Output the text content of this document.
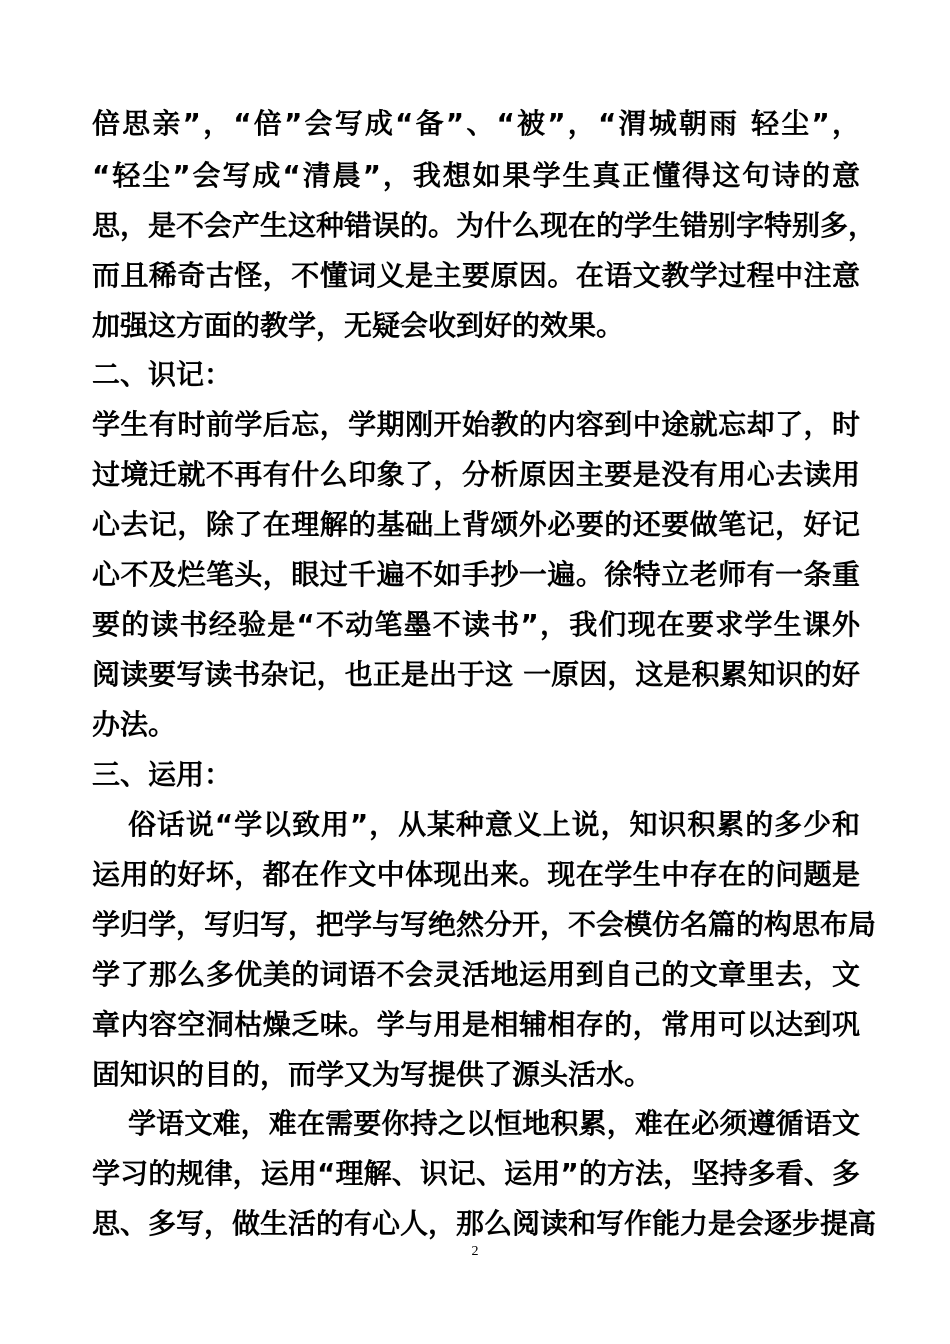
倍思亲”，“倍”会写成“备”、“被”，“渭城朝雨 轻尘”，
“轻尘”会写成“清晨”，我想如果学生真正懂得这句诗的意
思，是不会产生这种错误的。为什么现在的学生错别字特别多，
而且稀奇古怪，不懂词义是主要原因。在语文教学过程中注意
加强这方面的教学，无疑会收到好的效果。
二、识记：
学生有时前学后忘，学期刚开始教的内容到中途就忘却了，时
过境迁就不再有什么印象了，分析原因主要是没有用心去读用
心去记，除了在理解的基础上背颂外必要的还要做笔记，好记
心不及烂笔头，眼过千遍不如手抄一遍。徐特立老师有一条重
要的读书经验是“不动笔墨不读书”，我们现在要求学生课外
阅读要写读书杂记，也正是出于这 一原因，这是积累知识的好
办法。
三、运用：
俗话说“学以致用”，从某种意义上说，知识积累的多少和
运用的好坏，都在作文中体现出来。现在学生中存在的问题是
学归学，写归写，把学与写绝然分开，不会模仿名篇的构思布局
学了那么多优美的词语不会灵活地运用到自己的文章里去，文
章内容空洞枯燥乏味。学与用是相辅相存的，常用可以达到巩
固知识的目的，而学又为写提供了源头活水。
学语文难，难在需要你持之以恒地积累，难在必须遵循语文
学习的规律，运用“理解、识记、运用”的方法，坚持多看、多
思、多写，做生活的有心人，那么阅读和写作能力是会逐步提高
2
